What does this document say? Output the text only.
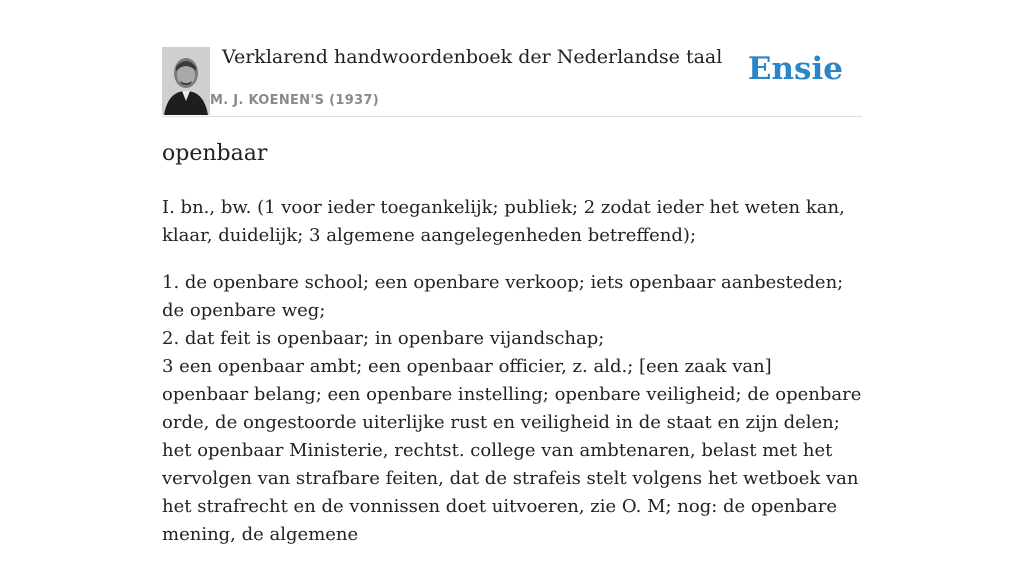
Verklarend handwoordenboek der Nederlandse taal
M. J. KOENEN'S (1937)
Ensie
openbaar

I. bn., bw. (1 voor ieder toegankelijk; publiek; 2 zodat ieder het weten kan, klaar, duidelijk; 3 algemene aangelegenheden betreffend);

1. de openbare school; een openbare verkoop; iets openbaar aanbesteden; de openbare weg;
2. dat feit is openbaar; in openbare vijandschap;
3 een openbaar ambt; een openbaar officier, z. ald.; [een zaak van] openbaar belang; een openbare instelling; openbare veiligheid; de openbare orde, de ongestoorde uiterlijke rust en veiligheid in de staat en zijn delen; het openbaar Ministerie, rechtst. college van ambtenaren, belast met het vervolgen van strafbare feiten, dat de strafeis stelt volgens het wetboek van het strafrecht en de vonnissen doet uitvoeren, zie O. M; nog: de openbare mening, de algemene
